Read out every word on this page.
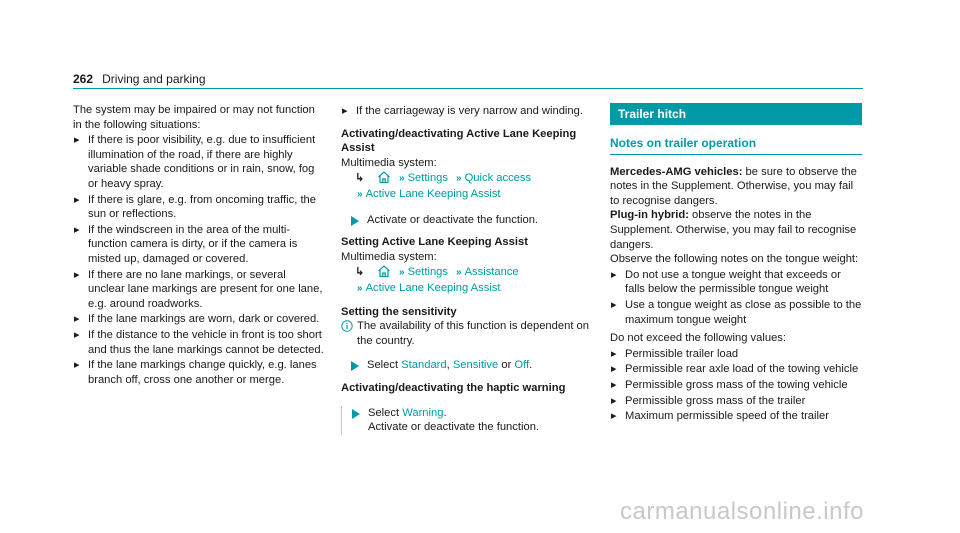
262 Driving and parking

The system may be impaired or may not function in the following situations:

▸ If there is poor visibility, e.g. due to insufficient illumination of the road, if there are highly variable shade conditions or in rain, snow, fog or heavy spray.
▸ If there is glare, e.g. from oncoming traffic, the sun or reflections.
▸ If the windscreen in the area of the multi-function camera is dirty, or if the camera is misted up, damaged or covered.
▸ If there are no lane markings, or several unclear lane markings are present for one lane, e.g. around roadworks.
▸ If the lane markings are worn, dark or covered.
▸ If the distance to the vehicle in front is too short and thus the lane markings cannot be detected.
▸ If the lane markings change quickly, e.g. lanes branch off, cross one another or merge.
▸ If the carriageway is very narrow and winding.

Activating/deactivating Active Lane Keeping Assist

Multimedia system:

↳	» Settings » Quick access
» Active Lane Keeping Assist

Activate or deactivate the function.

Setting Active Lane Keeping Assist

Multimedia system:

↳	» Settings » Assistance
» Active Lane Keeping Assist

Setting the sensitivity

The availability of this function is dependent on the country.

Select Standard, Sensitive or Off.

Activating/deactivating the haptic warning

Select Warning.
Activate or deactivate the function.
Trailer hitch
Notes on trailer operation

Mercedes-AMG vehicles: be sure to observe the notes in the Supplement. Otherwise, you may fail to recognise dangers.

Plug-in hybrid: observe the notes in the Supplement. Otherwise, you may fail to recognise dangers.

Observe the following notes on the tongue weight:

▸ Do not use a tongue weight that exceeds or falls below the permissible tongue weight
▸ Use a tongue weight as close as possible to the maximum tongue weight

Do not exceed the following values:

▸ Permissible trailer load
▸ Permissible rear axle load of the towing vehicle
▸ Permissible gross mass of the towing vehicle
▸ Permissible gross mass of the trailer
▸ Maximum permissible speed of the trailer
carmanualsonline.info
